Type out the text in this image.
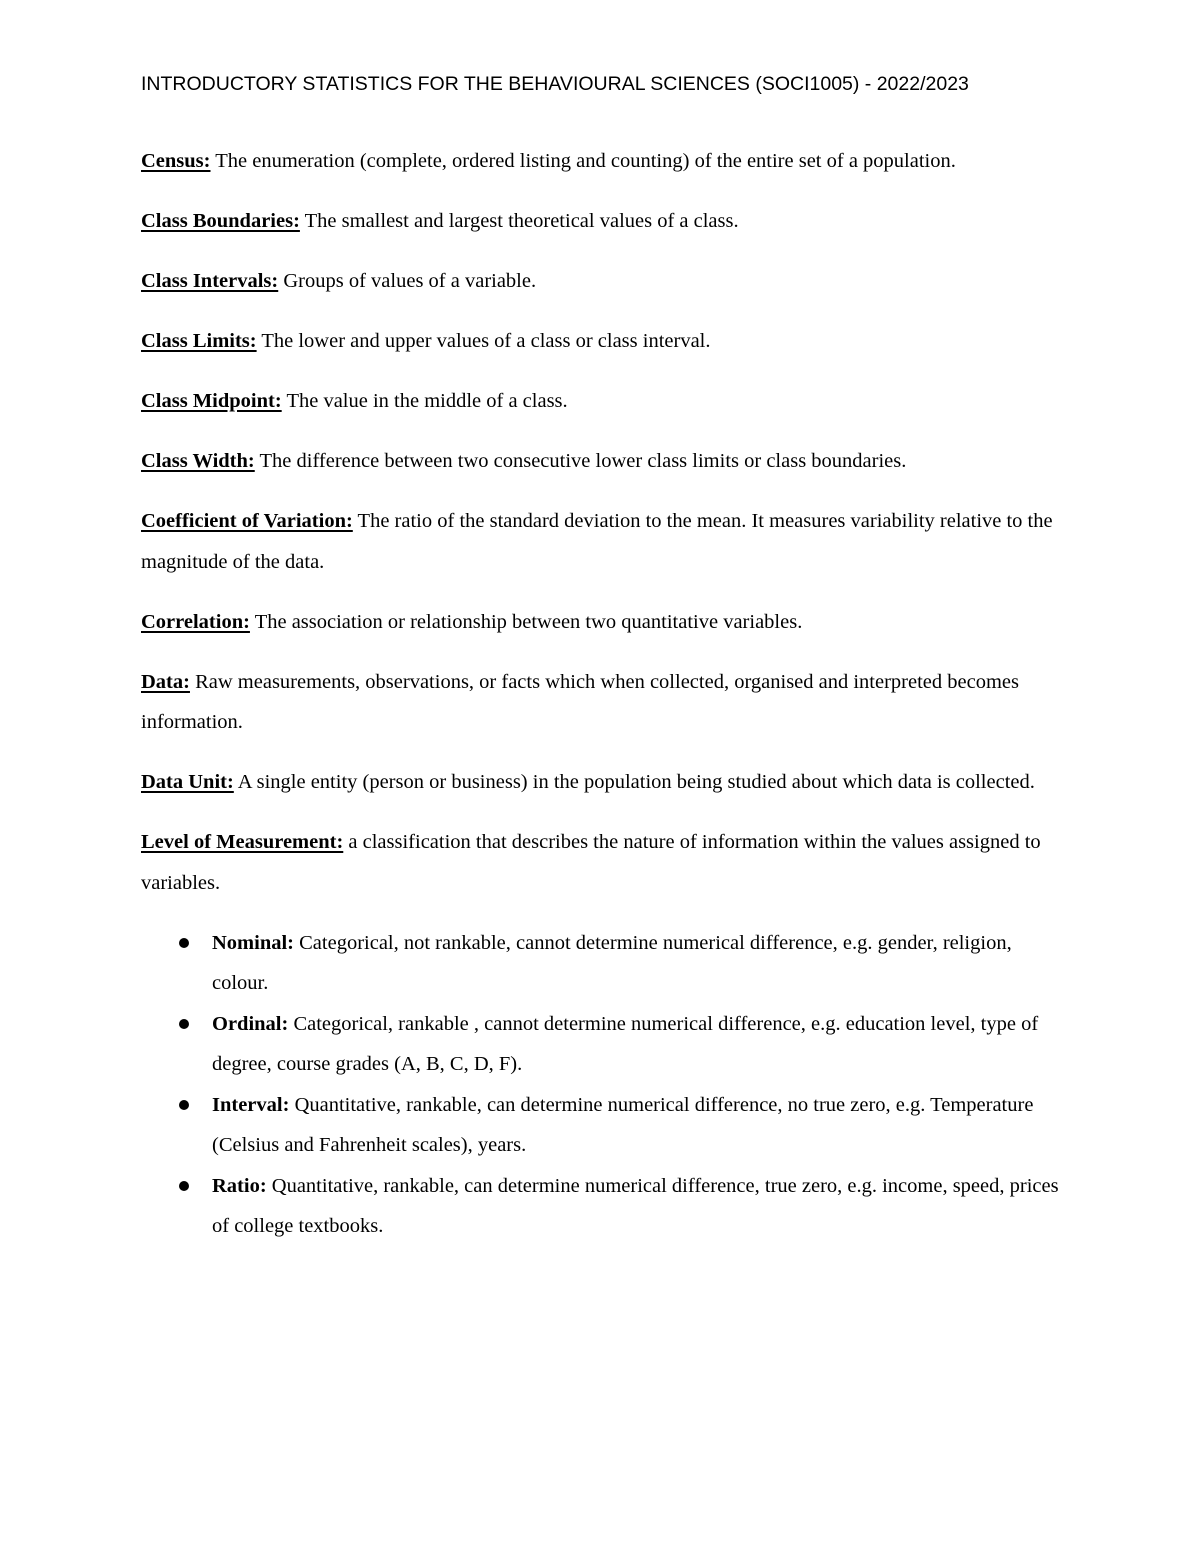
INTRODUCTORY STATISTICS FOR THE BEHAVIOURAL SCIENCES (SOCI1005) - 2022/2023

Census: The enumeration (complete, ordered listing and counting) of the entire set of a population.

Class Boundaries: The smallest and largest theoretical values of a class.

Class Intervals: Groups of values of a variable.

Class Limits: The lower and upper values of a class or class interval.

Class Midpoint: The value in the middle of a class.

Class Width: The difference between two consecutive lower class limits or class boundaries.

Coefficient of Variation: The ratio of the standard deviation to the mean. It measures variability relative to the magnitude of the data.

Correlation: The association or relationship between two quantitative variables.

Data: Raw measurements, observations, or facts which when collected, organised and interpreted becomes information.

Data Unit: A single entity (person or business) in the population being studied about which data is collected.

Level of Measurement: a classification that describes the nature of information within the values assigned to variables.

Nominal: Categorical, not rankable, cannot determine numerical difference, e.g. gender, religion, colour.
Ordinal: Categorical, rankable , cannot determine numerical difference, e.g. education level, type of degree, course grades (A, B, C, D, F).
Interval: Quantitative, rankable, can determine numerical difference, no true zero, e.g. Temperature (Celsius and Fahrenheit scales), years.
Ratio: Quantitative, rankable, can determine numerical difference, true zero, e.g. income, speed, prices of college textbooks.
